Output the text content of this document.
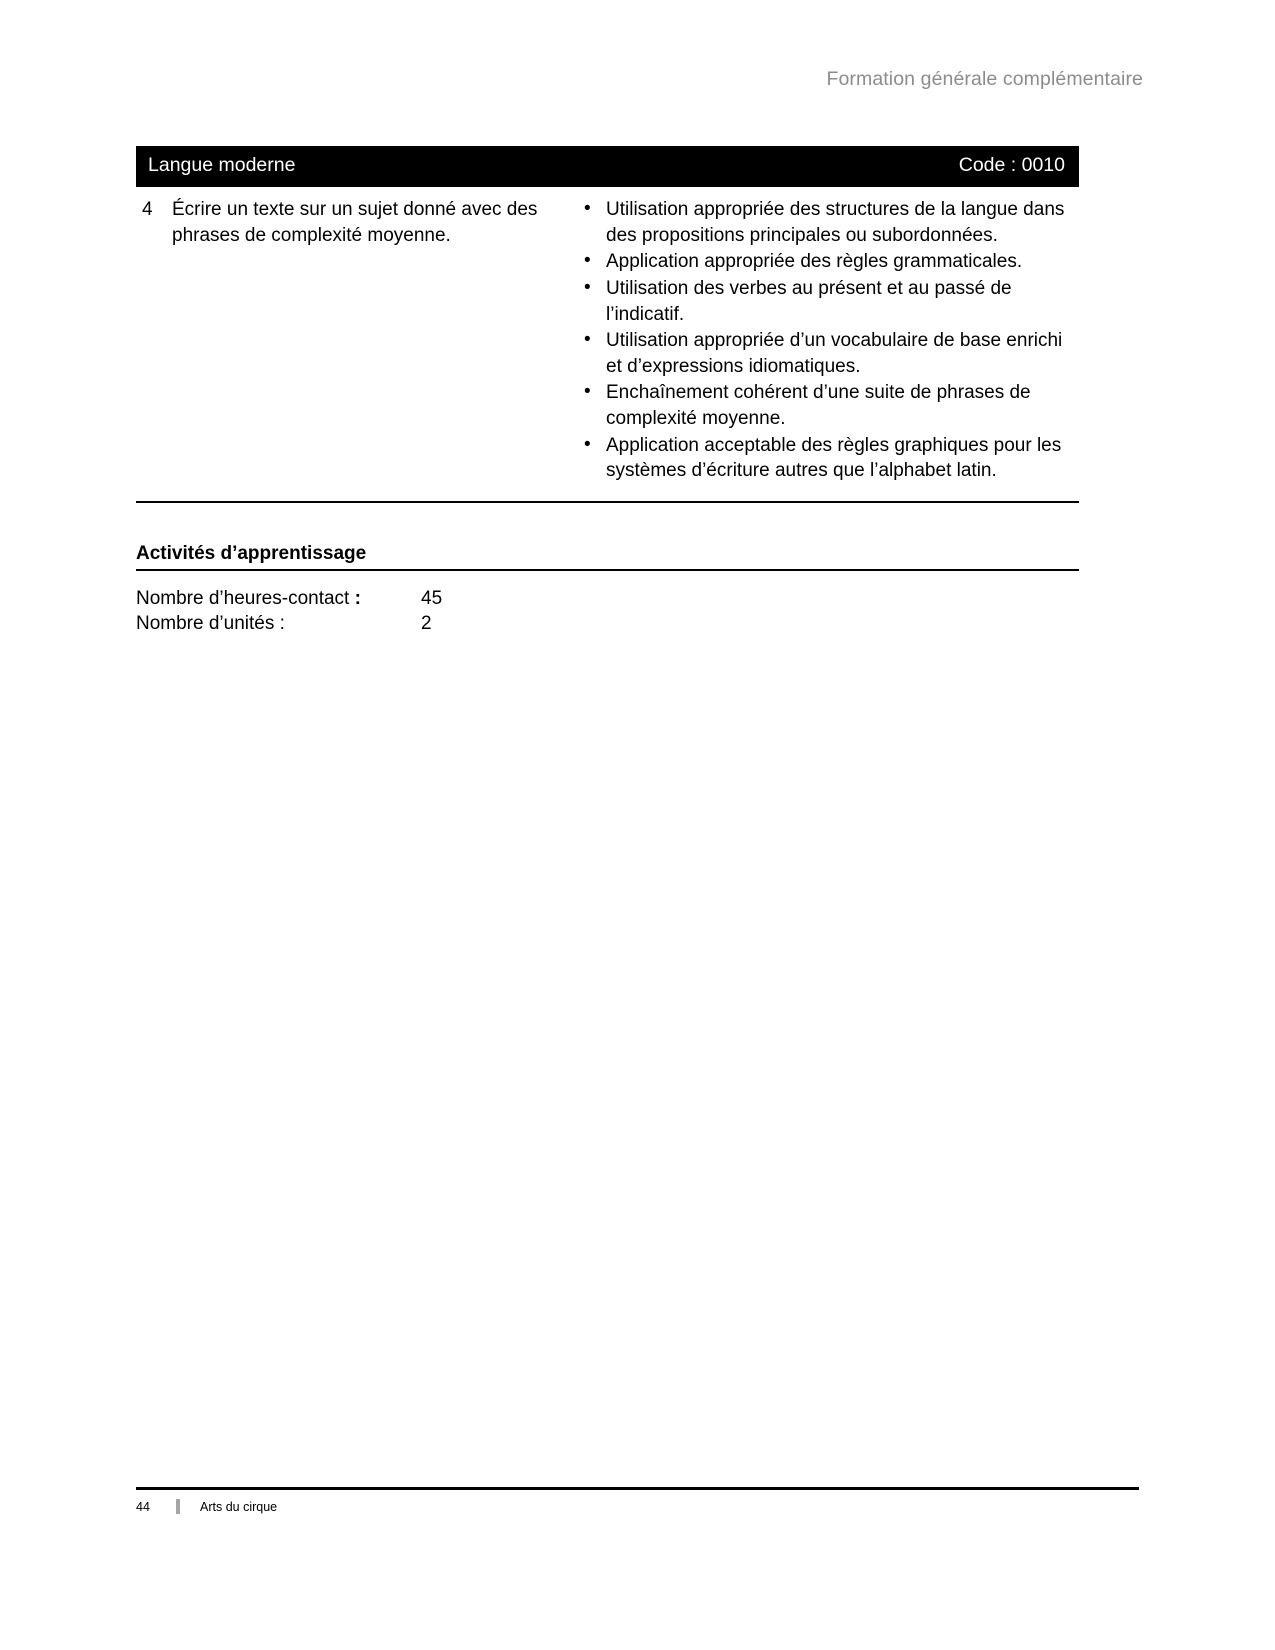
Formation générale complémentaire
Langue moderne	Code : 0010
4	Écrire un texte sur un sujet donné avec des phrases de complexité moyenne.
• Utilisation appropriée des structures de la langue dans des propositions principales ou subordonnées.
• Application appropriée des règles grammaticales.
• Utilisation des verbes au présent et au passé de l’indicatif.
• Utilisation appropriée d’un vocabulaire de base enrichi et d’expressions idiomatiques.
• Enchaînement cohérent d’une suite de phrases de complexité moyenne.
• Application acceptable des règles graphiques pour les systèmes d’écriture autres que l’alphabet latin.
Activités d’apprentissage
Nombre d’heures-contact :	45
Nombre d’unités :	2
44	Arts du cirque
